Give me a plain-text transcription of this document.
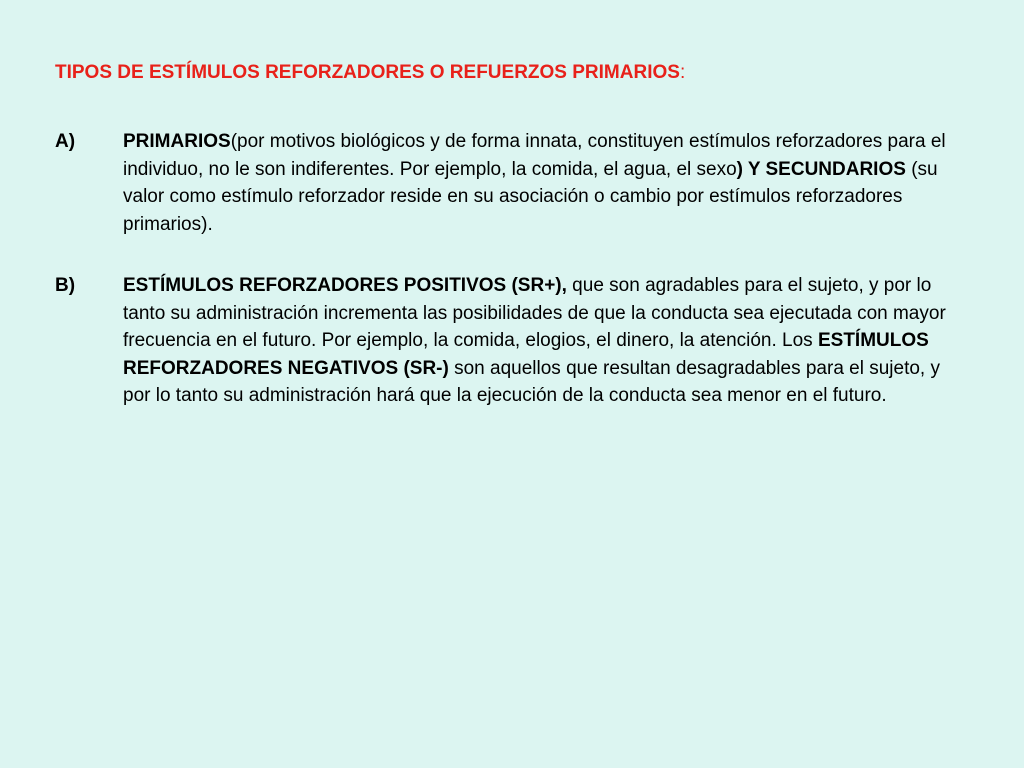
TIPOS DE ESTÍMULOS REFORZADORES O REFUERZOS PRIMARIOS:
A)	PRIMARIOS(por motivos biológicos y de forma innata, constituyen estímulos reforzadores para el individuo, no le son indiferentes. Por ejemplo, la comida, el agua, el sexo) Y SECUNDARIOS (su valor como estímulo reforzador reside en su asociación o cambio por estímulos reforzadores primarios).
B)	ESTÍMULOS REFORZADORES POSITIVOS (SR+), que son agradables para el sujeto, y por lo tanto su administración incrementa las posibilidades de que la conducta sea ejecutada con mayor frecuencia en el futuro. Por ejemplo, la comida, elogios, el dinero, la atención. Los ESTÍMULOS REFORZADORES NEGATIVOS (SR-) son aquellos que resultan desagradables para el sujeto, y por lo tanto su administración hará que la ejecución de la conducta sea menor en el futuro.
